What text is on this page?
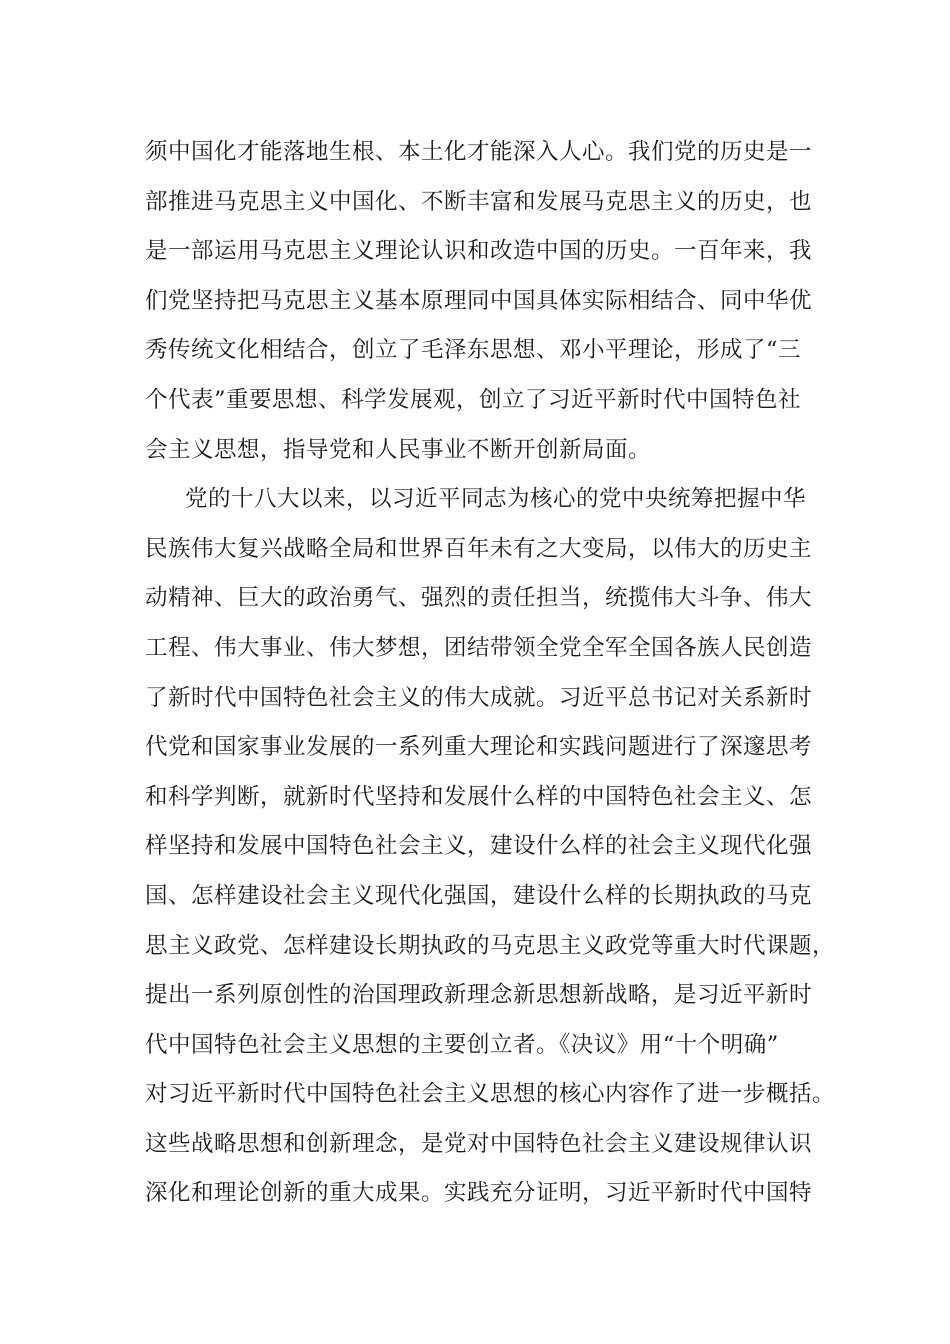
须中国化才能落地生根、本土化才能深入人心。我们党的历史是一
部推进马克思主义中国化、不断丰富和发展马克思主义的历史，也
是一部运用马克思主义理论认识和改造中国的历史。一百年来，我
们党坚持把马克思主义基本原理同中国具体实际相结合、同中华优
秀传统文化相结合，创立了毛泽东思想、邓小平理论，形成了“三
个代表”重要思想、科学发展观，创立了习近平新时代中国特色社
会主义思想，指导党和人民事业不断开创新局面。
党的十八大以来，以习近平同志为核心的党中央统筹把握中华
民族伟大复兴战略全局和世界百年未有之大变局，以伟大的历史主
动精神、巨大的政治勇气、强烈的责任担当，统揽伟大斗争、伟大
工程、伟大事业、伟大梦想，团结带领全党全军全国各族人民创造
了新时代中国特色社会主义的伟大成就。习近平总书记对关系新时
代党和国家事业发展的一系列重大理论和实践问题进行了深邃思考
和科学判断，就新时代坚持和发展什么样的中国特色社会主义、怎
样坚持和发展中国特色社会主义，建设什么样的社会主义现代化强
国、怎样建设社会主义现代化强国，建设什么样的长期执政的马克
思主义政党、怎样建设长期执政的马克思主义政党等重大时代课题，
提出一系列原创性的治国理政新理念新思想新战略，是习近平新时
代中国特色社会主义思想的主要创立者。《决议》用“十个明确”
对习近平新时代中国特色社会主义思想的核心内容作了进一步概括。
这些战略思想和创新理念，是党对中国特色社会主义建设规律认识
深化和理论创新的重大成果。实践充分证明，习近平新时代中国特
